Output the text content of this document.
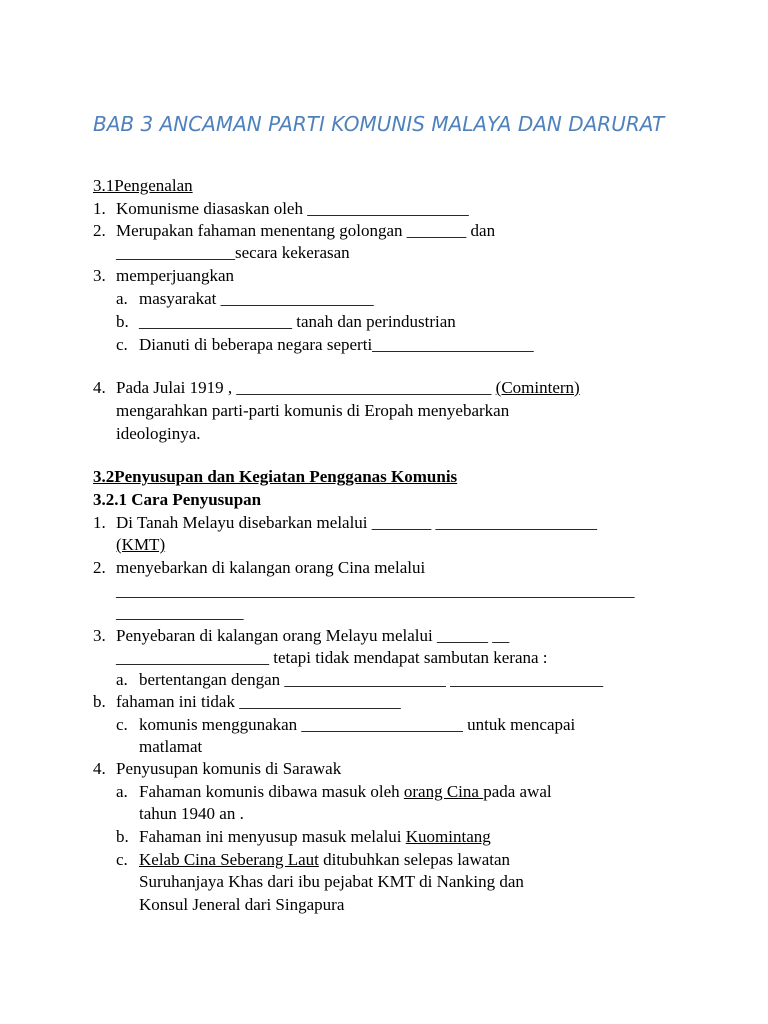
BAB 3 ANCAMAN PARTI KOMUNIS MALAYA DAN DARURAT
3.1Pengenalan
1. Komunisme diasaskan oleh ___________________
2. Merupakan fahaman menentang golongan _______ dan
______________secara kekerasan
3. memperjuangkan
a. masyarakat __________________
b. __________________ tanah dan perindustrian
c. Dianuti di beberapa negara seperti___________________
4. Pada Julai 1919 , ______________________________ (Comintern)
mengarahkan parti-parti komunis di Eropah menyebarkan
ideologinya.
3.2Penyusupan dan Kegiatan Pengganas Komunis
3.2.1 Cara Penyusupan
1. Di Tanah Melayu disebarkan melalui _______ ___________________
(KMT)
2. menyebarkan di kalangan orang Cina melalui
_____________________________________________________________
_______________
3. Penyebaran di kalangan orang Melayu melalui ______ __
__________________ tetapi tidak mendapat sambutan kerana :
a. bertentangan dengan ___________________ __________________
b. fahaman ini tidak ___________________
c. komunis menggunakan ___________________ untuk mencapai
matlamat
4. Penyusupan komunis di Sarawak
a. Fahaman komunis dibawa masuk oleh orang Cina pada awal
tahun 1940 an .
b. Fahaman ini menyusup masuk melalui Kuomintang
c. Kelab Cina Seberang Laut ditubuhkan selepas lawatan
Suruhanjaya Khas dari ibu pejabat KMT di Nanking dan
Konsul Jeneral dari Singapura
